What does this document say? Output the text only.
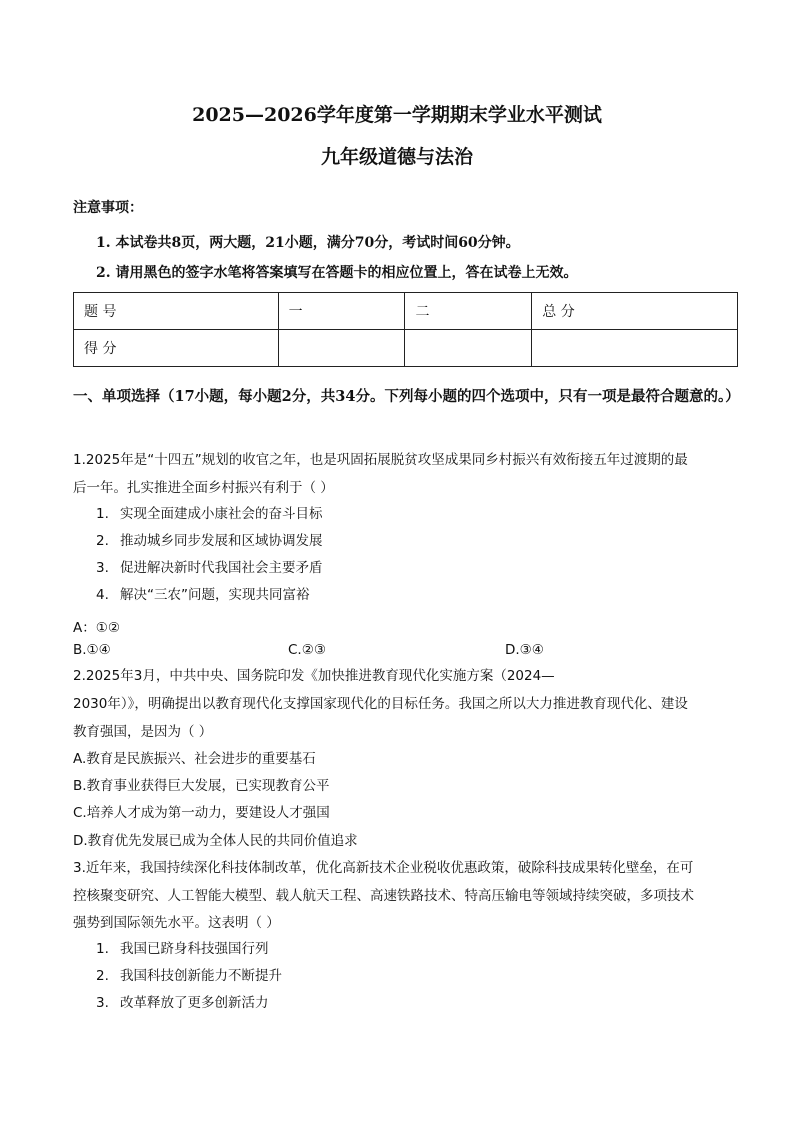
2025—2026学年度第一学期期末学业水平测试
九年级道德与法治
注意事项：
1. 本试卷共8页，两大题，21小题，满分70分，考试时间60分钟。
2. 请用黑色的签字水笔将答案填写在答题卡的相应位置上，答在试卷上无效。
题 号	一	二	总 分
得 分			
一、单项选择（17小题，每小题2分，共34分。下列每小题的四个选项中，只有一项是最符合题意的。）
1.2025年是“十四五”规划的收官之年，也是巩固拓展脱贫攻坚成果同乡村振兴有效衔接五年过渡期的最
后一年。扎实推进全面乡村振兴有利于（ ）
1. 实现全面建成小康社会的奋斗目标
2. 推动城乡同步发展和区域协调发展
3. 促进解决新时代我国社会主要矛盾
4. 解决“三农”问题，实现共同富裕
A：①②
B.①④	C.②③	D.③④
2.2025年3月，中共中央、国务院印发《加快推进教育现代化实施方案（2024—
2030年）》，明确提出以教育现代化支撑国家现代化的目标任务。我国之所以大力推进教育现代化、建设
教育强国，是因为（ ）
A.教育是民族振兴、社会进步的重要基石
B.教育事业获得巨大发展，已实现教育公平
C.培养人才成为第一动力，要建设人才强国
D.教育优先发展已成为全体人民的共同价值追求
3.近年来，我国持续深化科技体制改革，优化高新技术企业税收优惠政策，破除科技成果转化壁垒，在可
控核聚变研究、人工智能大模型、载人航天工程、高速铁路技术、特高压输电等领域持续突破，多项技术
强势到国际领先水平。这表明（ ）
1. 我国已跻身科技强国行列
2. 我国科技创新能力不断提升
3. 改革释放了更多创新活力
